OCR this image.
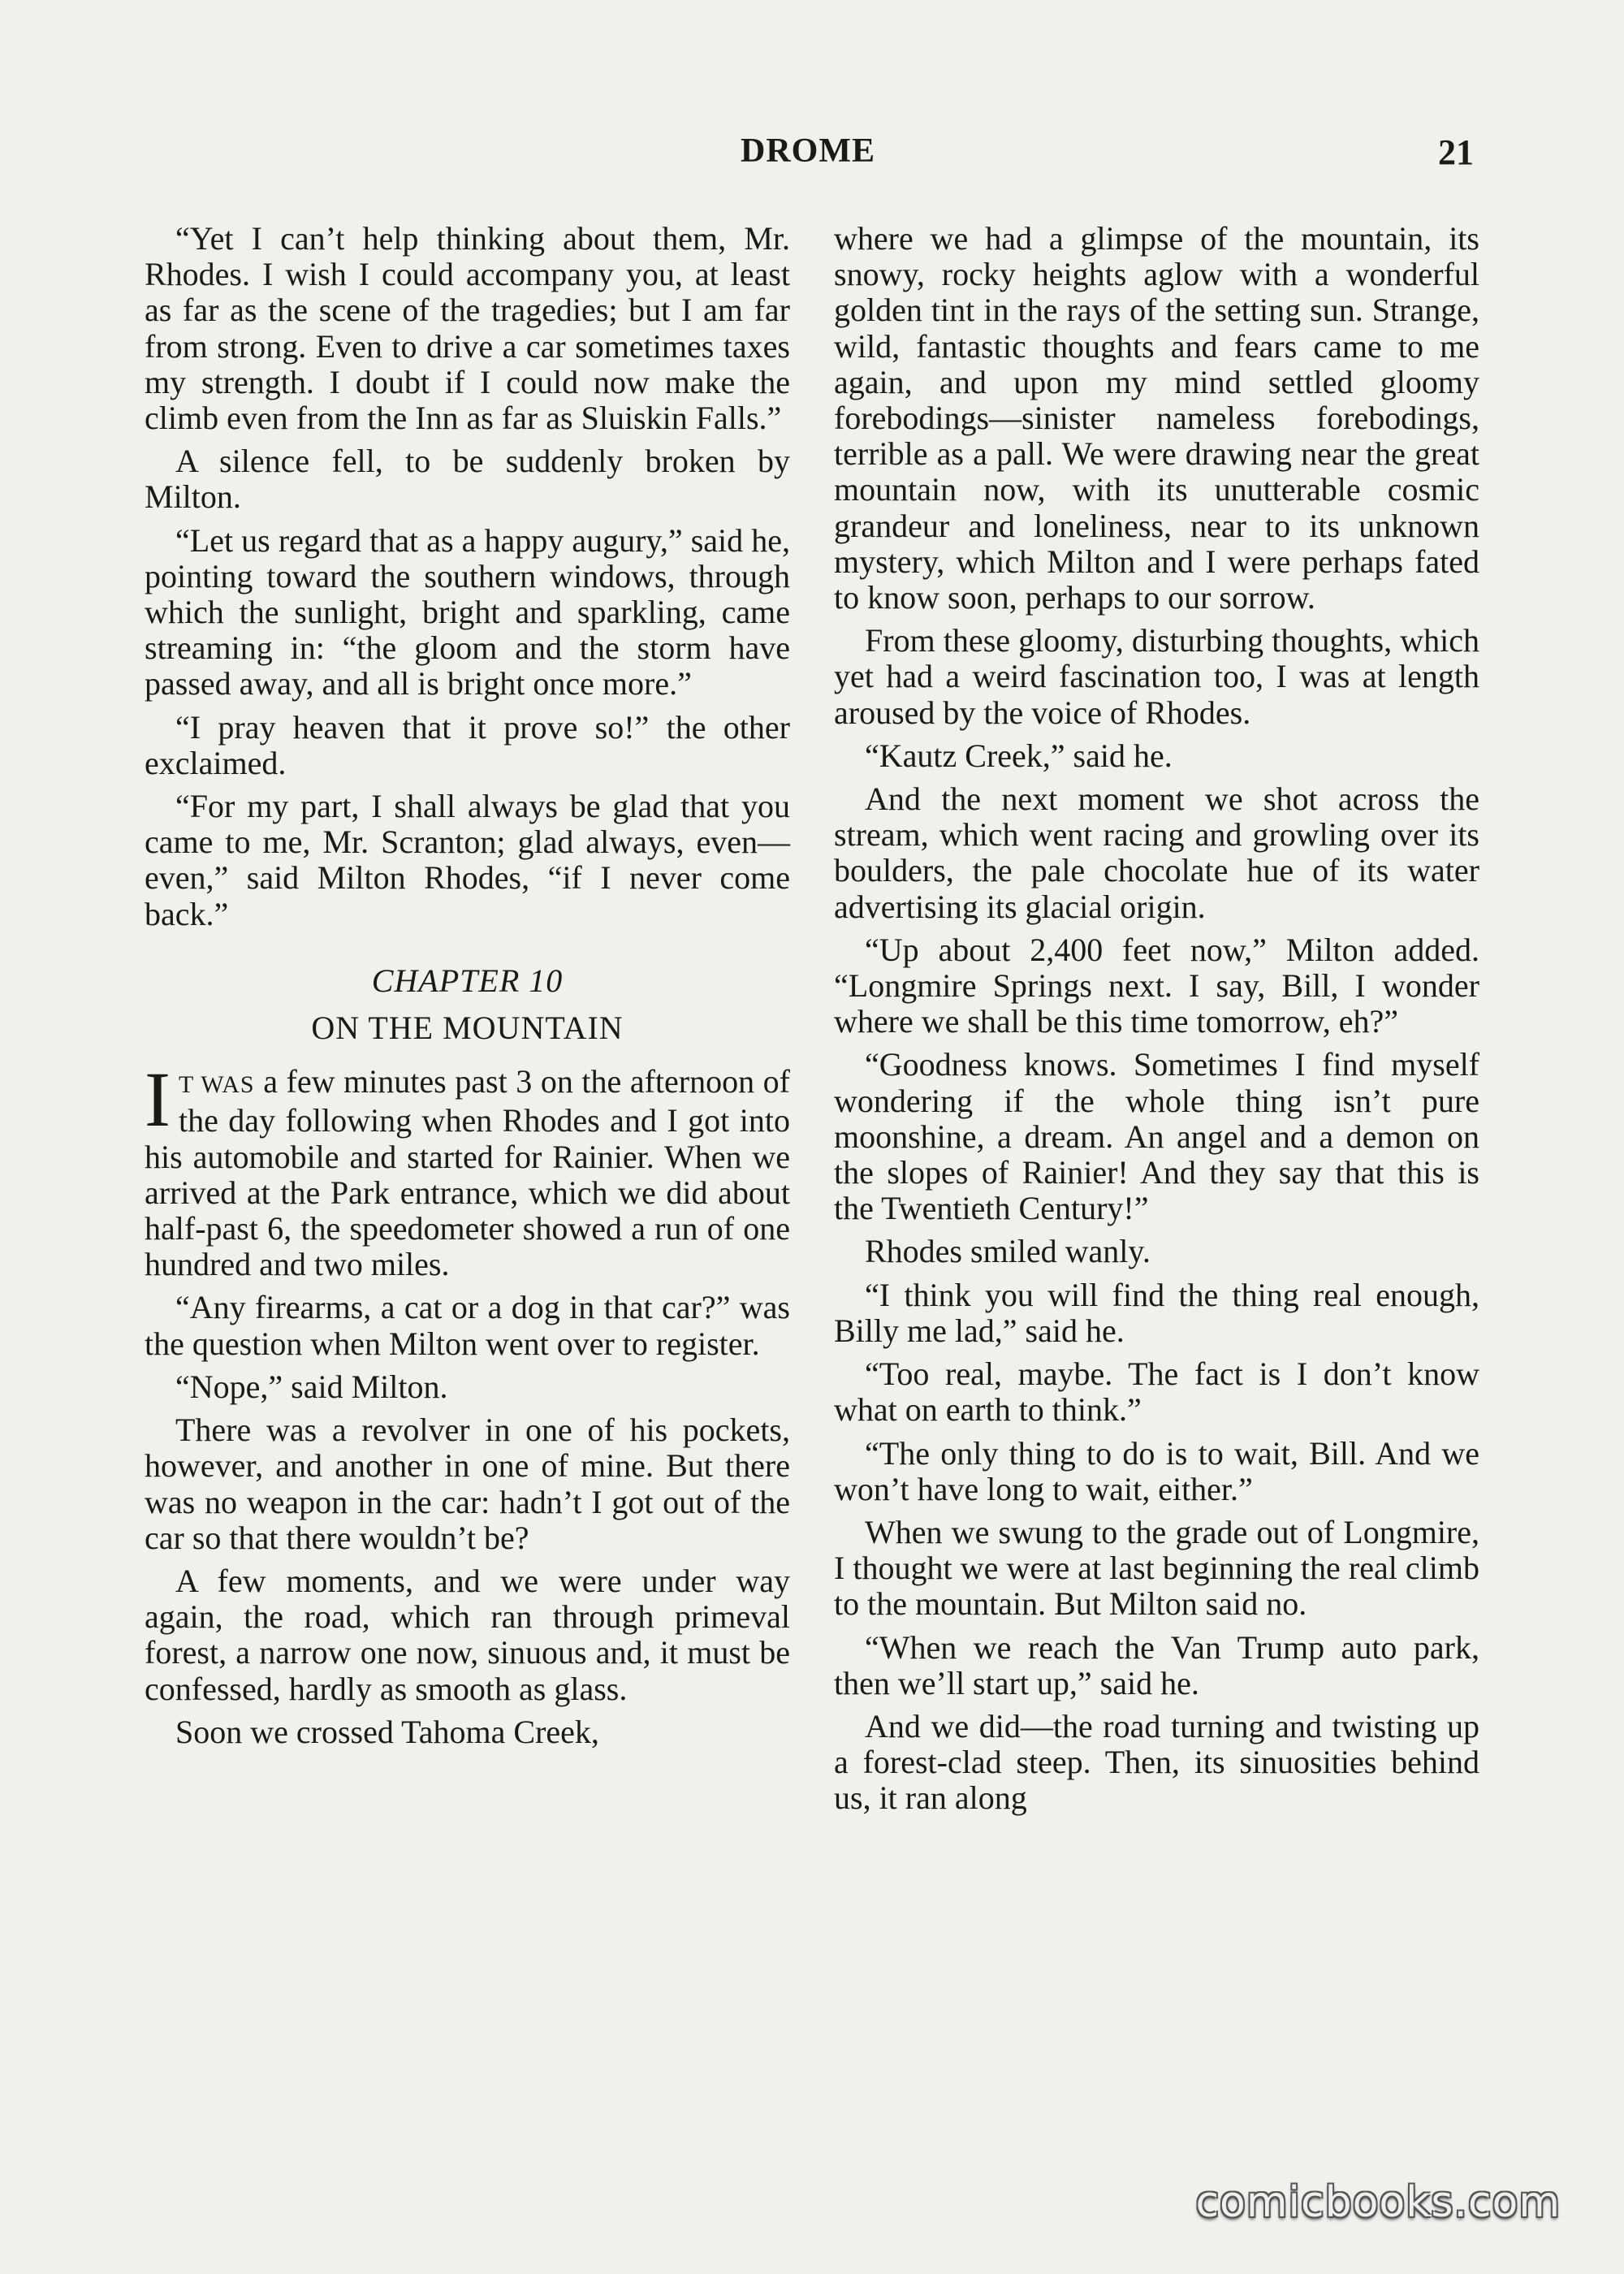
DROME	21

“Yet I can’t help thinking about them, Mr. Rhodes. I wish I could accompany you, at least as far as the scene of the tragedies; but I am far from strong. Even to drive a car sometimes taxes my strength. I doubt if I could now make the climb even from the Inn as far as Sluiskin Falls.”

A silence fell, to be suddenly broken by Milton.

“Let us regard that as a happy augury,” said he, pointing toward the southern windows, through which the sunlight, bright and sparkling, came streaming in: “the gloom and the storm have passed away, and all is bright once more.”

“I pray heaven that it prove so!” the other exclaimed.

“For my part, I shall always be glad that you came to me, Mr. Scranton; glad always, even—even,” said Milton Rhodes, “if I never come back.”

CHAPTER 10
ON THE MOUNTAIN

I T WAS a few minutes past 3 on the afternoon of the day following when Rhodes and I got into his automobile and started for Rainier. When we arrived at the Park entrance, which we did about half-past 6, the speedometer showed a run of one hundred and two miles.

“Any firearms, a cat or a dog in that car?” was the question when Milton went over to register.

“Nope,” said Milton.

There was a revolver in one of his pockets, however, and another in one of mine. But there was no weapon in the car: hadn’t I got out of the car so that there wouldn’t be?

A few moments, and we were under way again, the road, which ran through primeval forest, a narrow one now, sinuous and, it must be confessed, hardly as smooth as glass.

Soon we crossed Tahoma Creek,

where we had a glimpse of the mountain, its snowy, rocky heights aglow with a wonderful golden tint in the rays of the setting sun. Strange, wild, fantastic thoughts and fears came to me again, and upon my mind settled gloomy forebodings—sinister nameless forebodings, terrible as a pall. We were drawing near the great mountain now, with its unutterable cosmic grandeur and loneliness, near to its unknown mystery, which Milton and I were perhaps fated to know soon, perhaps to our sorrow.

From these gloomy, disturbing thoughts, which yet had a weird fascination too, I was at length aroused by the voice of Rhodes.

“Kautz Creek,” said he.

And the next moment we shot across the stream, which went racing and growling over its boulders, the pale chocolate hue of its water advertising its glacial origin.

“Up about 2,400 feet now,” Milton added. “Longmire Springs next. I say, Bill, I wonder where we shall be this time tomorrow, eh?”

“Goodness knows. Sometimes I find myself wondering if the whole thing isn’t pure moonshine, a dream. An angel and a demon on the slopes of Rainier! And they say that this is the Twentieth Century!”

Rhodes smiled wanly.

“I think you will find the thing real enough, Billy me lad,” said he.

“Too real, maybe. The fact is I don’t know what on earth to think.”

“The only thing to do is to wait, Bill. And we won’t have long to wait, either.”

When we swung to the grade out of Longmire, I thought we were at last beginning the real climb to the mountain. But Milton said no.

“When we reach the Van Trump auto park, then we’ll start up,” said he.

And we did—the road turning and twisting up a forest-clad steep. Then, its sinuosities behind us, it ran along

comicbooks.com
